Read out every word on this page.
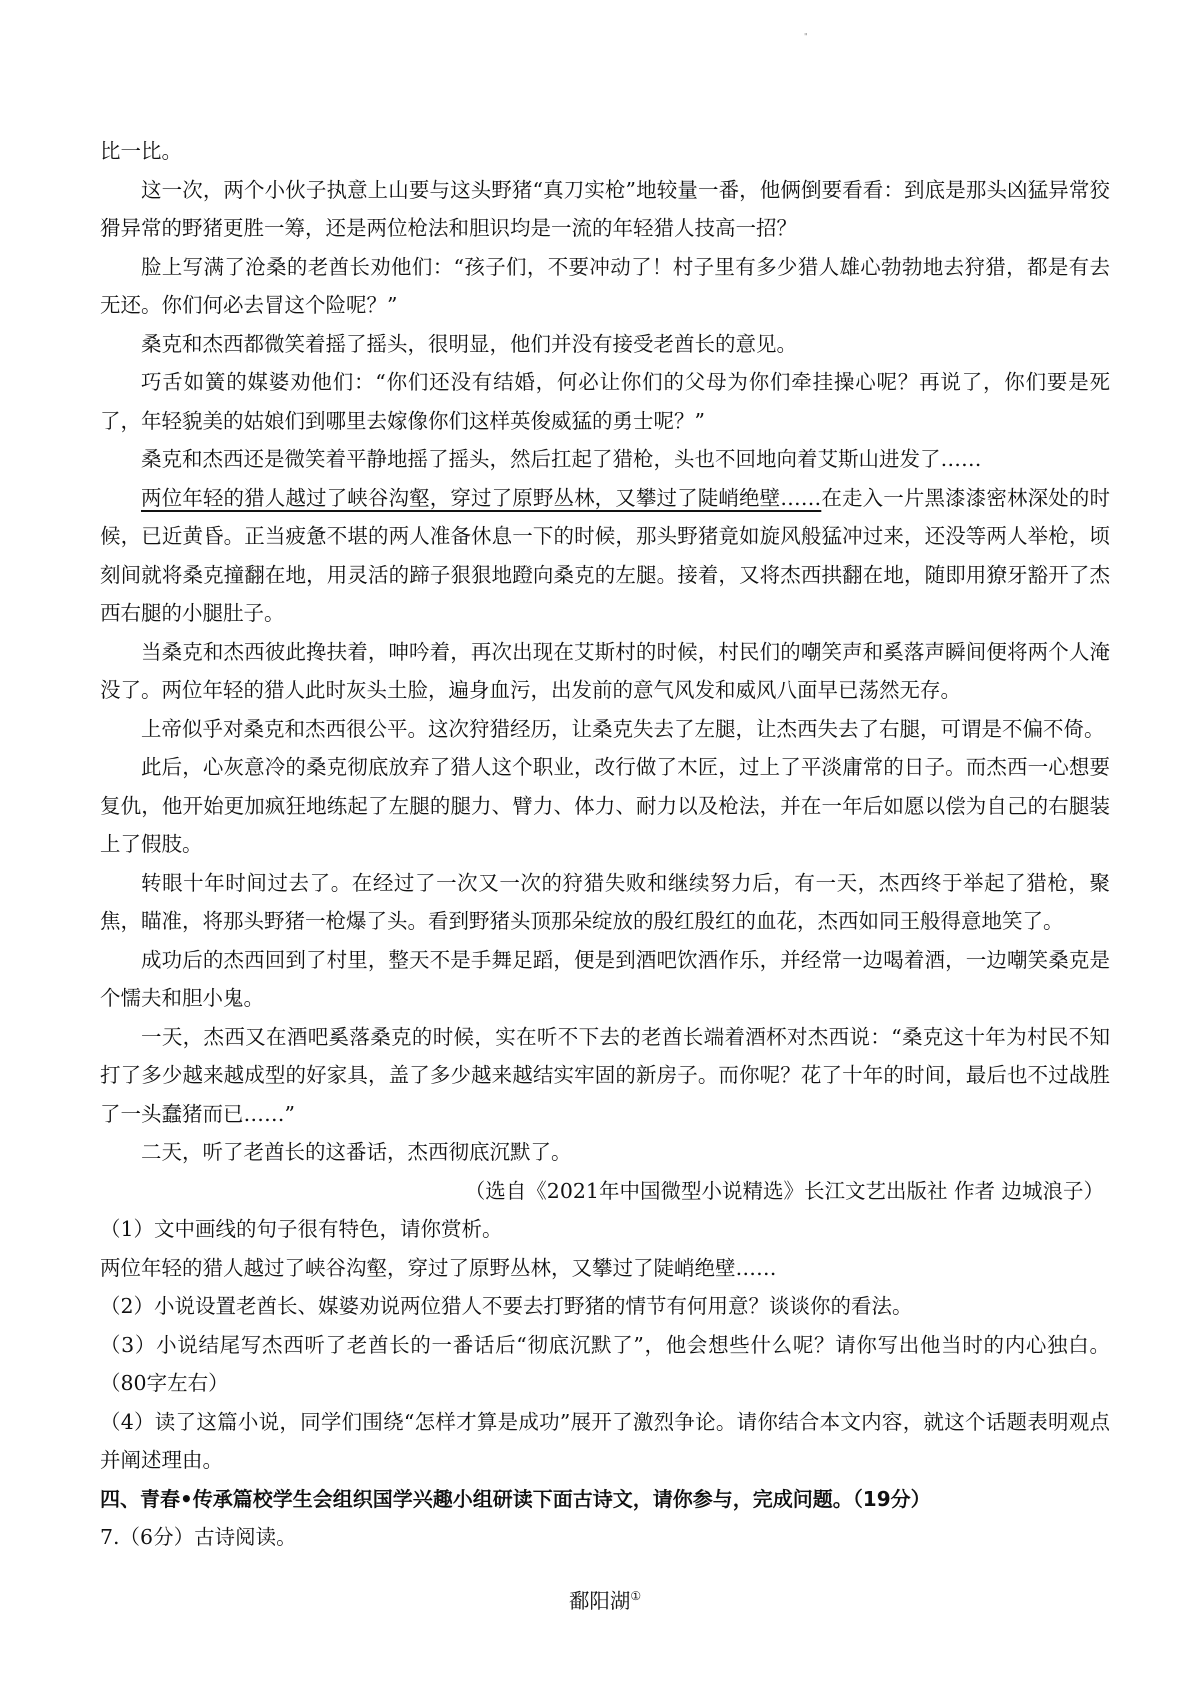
"

比一比。

这一次，两个小伙子执意上山要与这头野猪“真刀实枪”地较量一番，他俩倒要看看：到底是那头凶猛异常狡猾异常的野猪更胜一筹，还是两位枪法和胆识均是一流的年轻猎人技高一招？

脸上写满了沧桑的老酋长劝他们：“孩子们，不要冲动了！村子里有多少猎人雄心勃勃地去狩猎，都是有去无还。你们何必去冒这个险呢？”

桑克和杰西都微笑着摇了摇头，很明显，他们并没有接受老酋长的意见。

巧舌如簧的媒婆劝他们：“你们还没有结婚，何必让你们的父母为你们牵挂操心呢？再说了，你们要是死了，年轻貌美的姑娘们到哪里去嫁像你们这样英俊威猛的勇士呢？”

桑克和杰西还是微笑着平静地摇了摇头，然后扛起了猎枪，头也不回地向着艾斯山进发了……

两位年轻的猎人越过了峡谷沟壑，穿过了原野丛林，又攀过了陡峭绝壁……在走入一片黑漆漆密林深处的时候，已近黄昏。正当疲惫不堪的两人准备休息一下的时候，那头野猪竟如旋风般猛冲过来，还没等两人举枪，顷刻间就将桑克撞翻在地，用灵活的蹄子狠狠地蹬向桑克的左腿。接着，又将杰西拱翻在地，随即用獠牙豁开了杰西右腿的小腿肚子。

当桑克和杰西彼此搀扶着，呻吟着，再次出现在艾斯村的时候，村民们的嘲笑声和奚落声瞬间便将两个人淹没了。两位年轻的猎人此时灰头土脸，遍身血污，出发前的意气风发和威风八面早已荡然无存。

上帝似乎对桑克和杰西很公平。这次狩猎经历，让桑克失去了左腿，让杰西失去了右腿，可谓是不偏不倚。

此后，心灰意冷的桑克彻底放弃了猎人这个职业，改行做了木匠，过上了平淡庸常的日子。而杰西一心想要复仇，他开始更加疯狂地练起了左腿的腿力、臂力、体力、耐力以及枪法，并在一年后如愿以偿为自己的右腿装上了假肢。

转眼十年时间过去了。在经过了一次又一次的狩猎失败和继续努力后，有一天，杰西终于举起了猎枪，聚焦，瞄准，将那头野猪一枪爆了头。看到野猪头顶那朵绽放的殷红殷红的血花，杰西如同王般得意地笑了。

成功后的杰西回到了村里，整天不是手舞足蹈，便是到酒吧饮酒作乐，并经常一边喝着酒，一边嘲笑桑克是个懦夫和胆小鬼。

一天，杰西又在酒吧奚落桑克的时候，实在听不下去的老酋长端着酒杯对杰西说：“桑克这十年为村民不知打了多少越来越成型的好家具，盖了多少越来越结实牢固的新房子。而你呢？花了十年的时间，最后也不过战胜了一头蠢猪而已……”

二天，听了老酋长的这番话，杰西彻底沉默了。

（选自《2021年中国微型小说精选》长江文艺出版社 作者 边城浪子）

（1）文中画线的句子很有特色，请你赏析。

两位年轻的猎人越过了峡谷沟壑，穿过了原野丛林，又攀过了陡峭绝壁……

（2）小说设置老酋长、媒婆劝说两位猎人不要去打野猪的情节有何用意？谈谈你的看法。

（3）小说结尾写杰西听了老酋长的一番话后“彻底沉默了”，他会想些什么呢？请你写出他当时的内心独白。（80字左右）

（4）读了这篇小说，同学们围绕“怎样才算是成功”展开了激烈争论。请你结合本文内容，就这个话题表明观点并阐述理由。

四、青春•传承篇校学生会组织国学兴趣小组研读下面古诗文，请你参与，完成问题。（19分）

7.（6分）古诗阅读。

鄱阳湖①
